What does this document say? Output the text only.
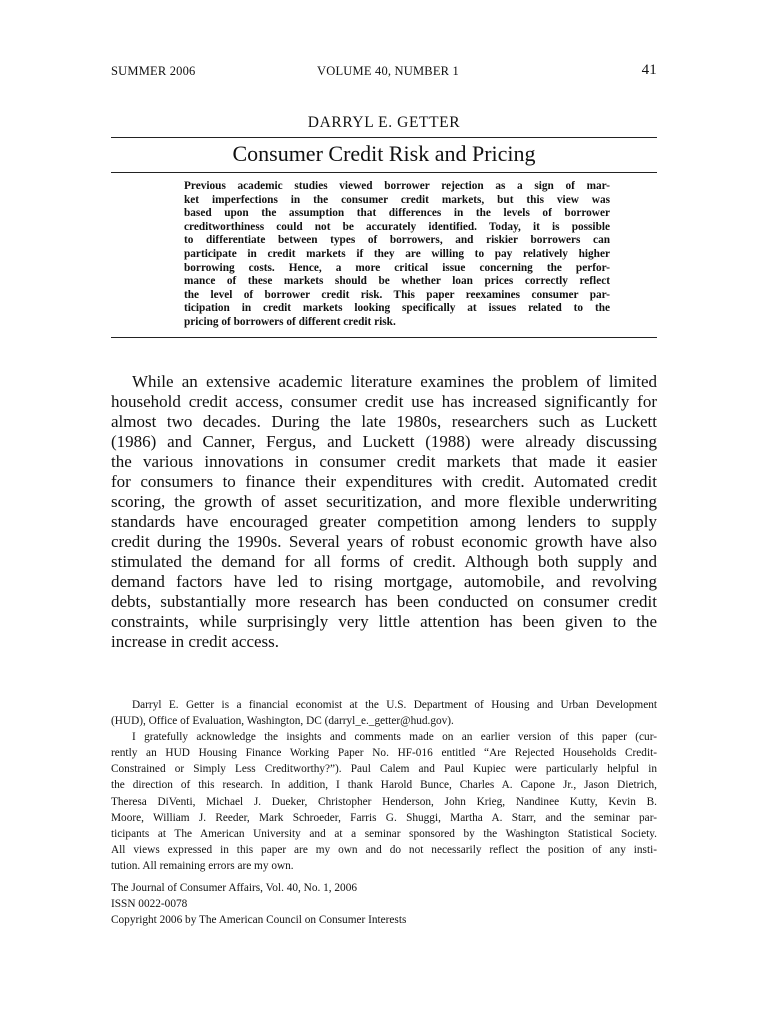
SUMMER 2006	VOLUME 40, NUMBER 1	41
DARRYL E. GETTER
Consumer Credit Risk and Pricing
Previous academic studies viewed borrower rejection as a sign of mar-
ket imperfections in the consumer credit markets, but this view was
based upon the assumption that differences in the levels of borrower
creditworthiness could not be accurately identified. Today, it is possible
to differentiate between types of borrowers, and riskier borrowers can
participate in credit markets if they are willing to pay relatively higher
borrowing costs. Hence, a more critical issue concerning the perfor-
mance of these markets should be whether loan prices correctly reflect
the level of borrower credit risk. This paper reexamines consumer par-
ticipation in credit markets looking specifically at issues related to the
pricing of borrowers of different credit risk.
While an extensive academic literature examines the problem of limited
household credit access, consumer credit use has increased significantly for
almost two decades. During the late 1980s, researchers such as Luckett
(1986) and Canner, Fergus, and Luckett (1988) were already discussing
the various innovations in consumer credit markets that made it easier
for consumers to finance their expenditures with credit. Automated credit
scoring, the growth of asset securitization, and more flexible underwriting
standards have encouraged greater competition among lenders to supply
credit during the 1990s. Several years of robust economic growth have also
stimulated the demand for all forms of credit. Although both supply and
demand factors have led to rising mortgage, automobile, and revolving
debts, substantially more research has been conducted on consumer credit
constraints, while surprisingly very little attention has been given to the
increase in credit access.
Darryl E. Getter is a financial economist at the U.S. Department of Housing and Urban Development
(HUD), Office of Evaluation, Washington, DC (darryl_e._getter@hud.gov).
I gratefully acknowledge the insights and comments made on an earlier version of this paper (cur-
rently an HUD Housing Finance Working Paper No. HF-016 entitled “Are Rejected Households Credit-
Constrained or Simply Less Creditworthy?”). Paul Calem and Paul Kupiec were particularly helpful in
the direction of this research. In addition, I thank Harold Bunce, Charles A. Capone Jr., Jason Dietrich,
Theresa DiVenti, Michael J. Dueker, Christopher Henderson, John Krieg, Nandinee Kutty, Kevin B.
Moore, William J. Reeder, Mark Schroeder, Farris G. Shuggi, Martha A. Starr, and the seminar par-
ticipants at The American University and at a seminar sponsored by the Washington Statistical Society.
All views expressed in this paper are my own and do not necessarily reflect the position of any insti-
tution. All remaining errors are my own.
The Journal of Consumer Affairs, Vol. 40, No. 1, 2006
ISSN 0022-0078
Copyright 2006 by The American Council on Consumer Interests
